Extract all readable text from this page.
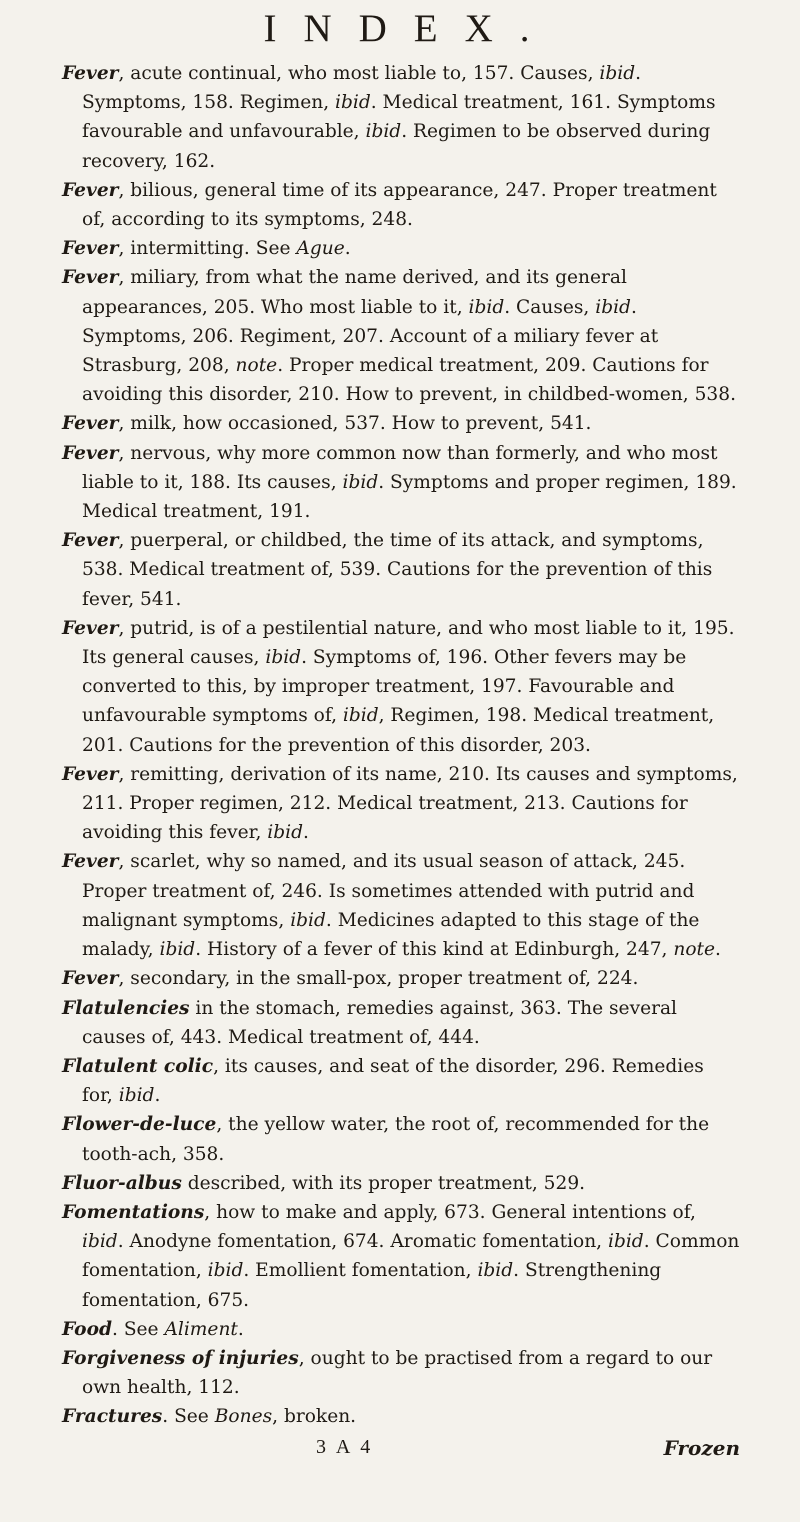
INDEX.

Fever, acute continual, who most liable to, 157. Causes, ibid. Symptoms, 158. Regimen, ibid. Medical treatment, 161. Symptoms favourable and unfavourable, ibid. Regimen to be observed during recovery, 162.

Fever, bilious, general time of its appearance, 247. Proper treatment of, according to its symptoms, 248.

Fever, intermitting. See Ague.

Fever, miliary, from what the name derived, and its general appearances, 205. Who most liable to it, ibid. Causes, ibid. Symptoms, 206. Regiment, 207. Account of a miliary fever at Strasburg, 208, note. Proper medical treatment, 209. Cautions for avoiding this disorder, 210. How to prevent, in childbed-women, 538.

Fever, milk, how occasioned, 537. How to prevent, 541.

Fever, nervous, why more common now than formerly, and who most liable to it, 188. Its causes, ibid. Symptoms and proper regimen, 189. Medical treatment, 191.

Fever, puerperal, or childbed, the time of its attack, and symptoms, 538. Medical treatment of, 539. Cautions for the prevention of this fever, 541.

Fever, putrid, is of a pestilential nature, and who most liable to it, 195. Its general causes, ibid. Symptoms of, 196. Other fevers may be converted to this, by improper treatment, 197. Favourable and unfavourable symptoms of, ibid, Regimen, 198. Medical treatment, 201. Cautions for the prevention of this disorder, 203.

Fever, remitting, derivation of its name, 210. Its causes and symptoms, 211. Proper regimen, 212. Medical treatment, 213. Cautions for avoiding this fever, ibid.

Fever, scarlet, why so named, and its usual season of attack, 245. Proper treatment of, 246. Is sometimes attended with putrid and malignant symptoms, ibid. Medicines adapted to this stage of the malady, ibid. History of a fever of this kind at Edinburgh, 247, note.

Fever, secondary, in the small-pox, proper treatment of, 224.

Flatulencies in the stomach, remedies against, 363. The several causes of, 443. Medical treatment of, 444.

Flatulent colic, its causes, and seat of the disorder, 296. Remedies for, ibid.

Flower-de-luce, the yellow water, the root of, recommended for the tooth-ach, 358.

Fluor-albus described, with its proper treatment, 529.

Fomentations, how to make and apply, 673. General intentions of, ibid. Anodyne fomentation, 674. Aromatic fomentation, ibid. Common fomentation, ibid. Emollient fomentation, ibid. Strengthening fomentation, 675.

Food. See Aliment.

Forgiveness of injuries, ought to be practised from a regard to our own health, 112.

Fractures. See Bones, broken.

3 A 4	Frozen
